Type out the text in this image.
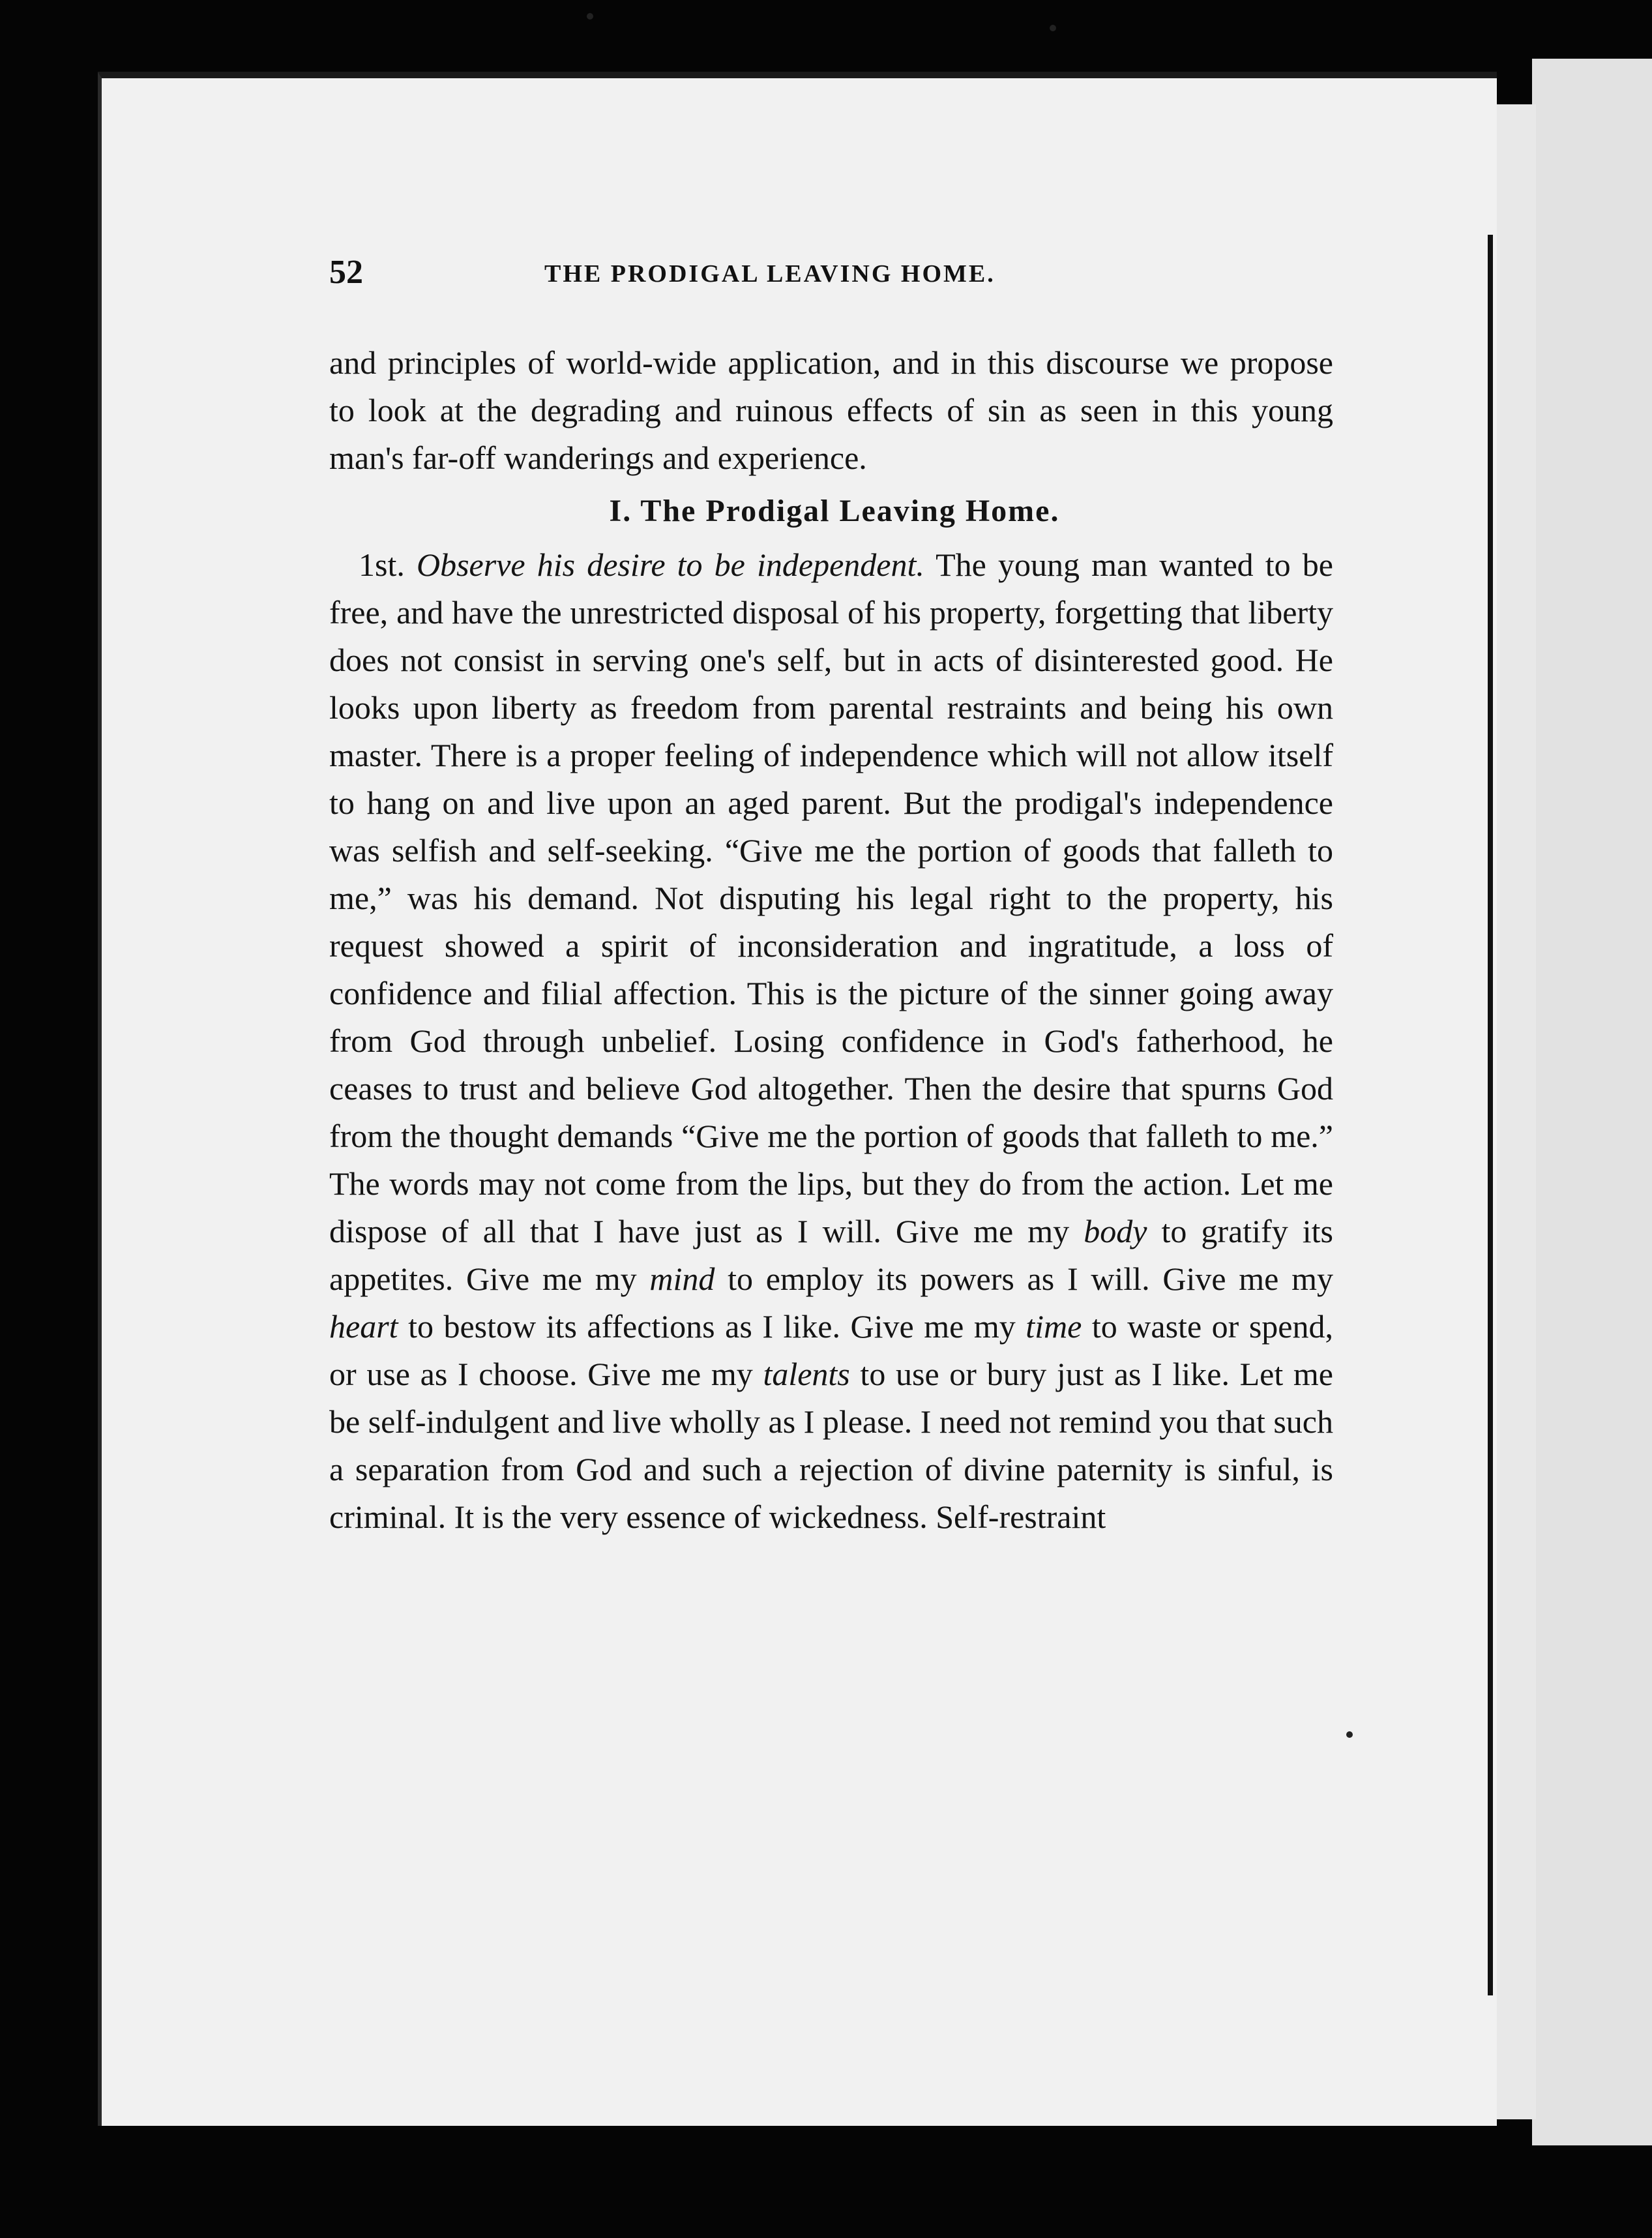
52	THE PRODIGAL LEAVING HOME.

and principles of world-wide application, and in this discourse we propose to look at the degrading and ruinous effects of sin as seen in this young man's far-off wanderings and experience.

I. The Prodigal Leaving Home.

1st. Observe his desire to be independent. The young man wanted to be free, and have the unrestricted disposal of his property, forgetting that liberty does not consist in serving one's self, but in acts of disinterested good. He looks upon liberty as freedom from parental restraints and being his own master. There is a proper feeling of independence which will not allow itself to hang on and live upon an aged parent. But the prodigal's independence was selfish and self-seeking. “Give me the portion of goods that falleth to me,” was his demand. Not disputing his legal right to the property, his request showed a spirit of inconsideration and ingratitude, a loss of confidence and filial affection. This is the picture of the sinner going away from God through unbelief. Losing confidence in God's fatherhood, he ceases to trust and believe God altogether. Then the desire that spurns God from the thought demands “Give me the portion of goods that falleth to me.” The words may not come from the lips, but they do from the action. Let me dispose of all that I have just as I will. Give me my body to gratify its appetites. Give me my mind to employ its powers as I will. Give me my heart to bestow its affections as I like. Give me my time to waste or spend, or use as I choose. Give me my talents to use or bury just as I like. Let me be self-indulgent and live wholly as I please. I need not remind you that such a separation from God and such a rejection of divine paternity is sinful, is criminal. It is the very essence of wickedness. Self-restraint
